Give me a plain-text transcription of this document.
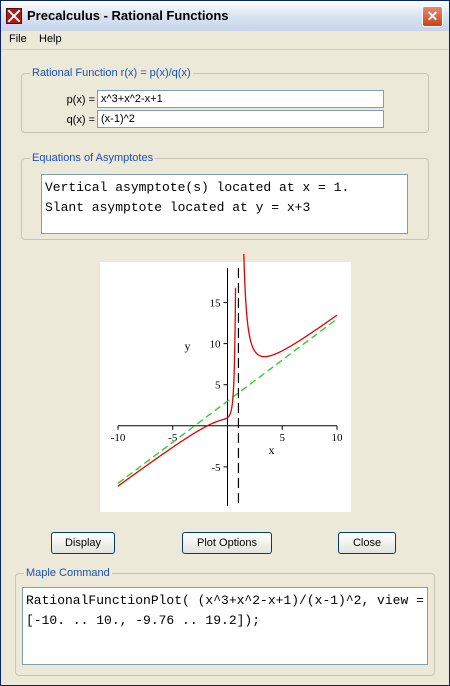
Precalculus - Rational Functions	✕
File Help
Rational Function r(x) = p(x)/q(x)
p(x) =
x^3+x^2-x+1
q(x) =
(x-1)^2
Equations of Asymptotes
Vertical asymptote(s) located at x = 1.
Slant asymptote located at y = x+3
-10	-5	5	10
-5
5
10
15
x
y
Display	Plot Options	Close
Maple Command
RationalFunctionPlot( (x^3+x^2-x+1)/(x-1)^2, view = [-10. .. 10., -9.76 .. 19.2]);
